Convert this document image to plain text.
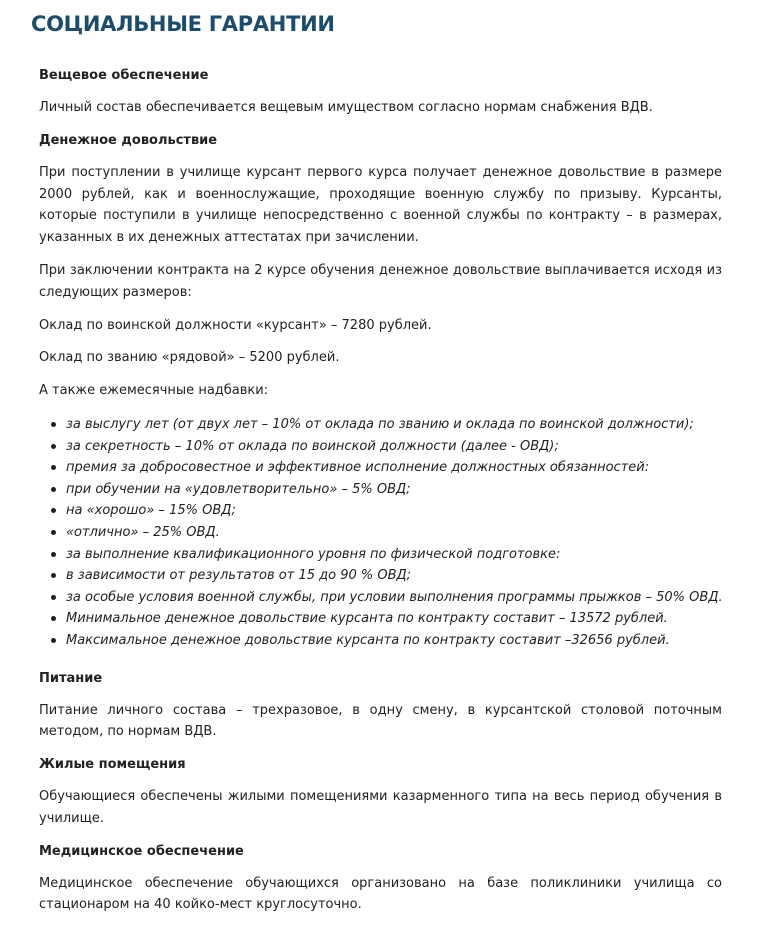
СОЦИАЛЬНЫЕ ГАРАНТИИ
Вещевое обеспечение

Личный состав обеспечивается вещевым имуществом согласно нормам снабжения ВДВ.

Денежное довольствие

При поступлении в училище курсант первого курса получает денежное довольствие в размере 2000 рублей, как и военнослужащие, проходящие военную службу по призыву. Курсанты, которые поступили в училище непосредственно с военной службы по контракту – в размерах, указанных в их денежных аттестатах при зачислении.

При заключении контракта на 2 курсе обучения денежное довольствие выплачивается исходя из следующих размеров:

Оклад по воинской должности «курсант» – 7280 рублей.

Оклад по званию «рядовой» – 5200 рублей.

А также ежемесячные надбавки:

за выслугу лет (от двух лет – 10% от оклада по званию и оклада по воинской должности);
за секретность – 10% от оклада по воинской должности (далее - ОВД);
премия за добросовестное и эффективное исполнение должностных обязанностей:
при обучении на «удовлетворительно» – 5% ОВД;
на «хорошо» – 15% ОВД;
«отлично» – 25% ОВД.
за выполнение квалификационного уровня по физической подготовке:
в зависимости от результатов от 15 до 90 % ОВД;
за особые условия военной службы, при условии выполнения программы прыжков – 50% ОВД.
Минимальное денежное довольствие курсанта по контракту составит – 13572 рублей.
Максимальное денежное довольствие курсанта по контракту составит –32656 рублей.
Питание

Питание личного состава – трехразовое, в одну смену, в курсантской столовой поточным методом, по нормам ВДВ.

Жилые помещения

Обучающиеся обеспечены жилыми помещениями казарменного типа на весь период обучения в училище.

Медицинское обеспечение

Медицинское обеспечение обучающихся организовано на базе поликлиники училища со стационаром на 40 койко-мест круглосуточно.
